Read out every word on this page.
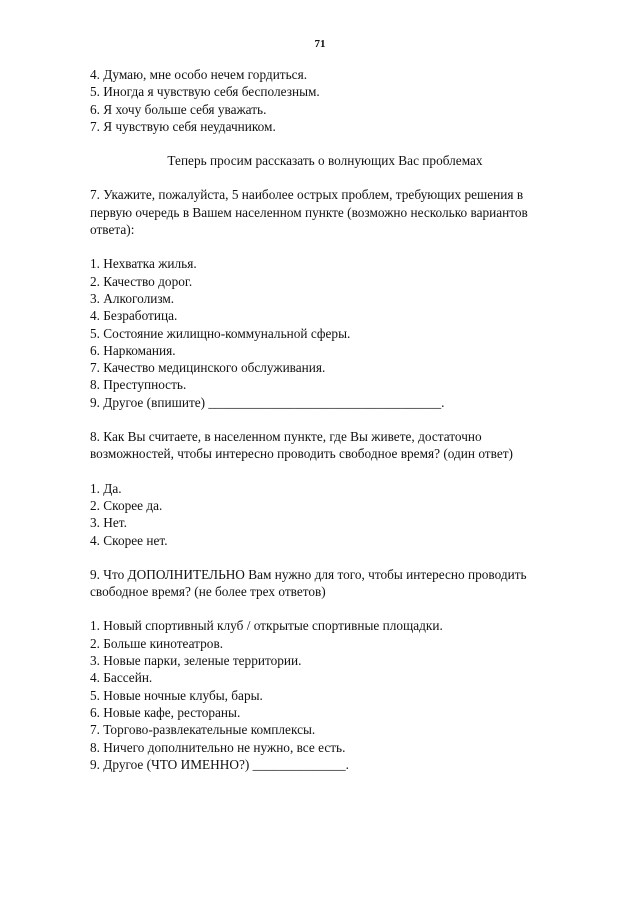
71
4. Думаю, мне особо нечем гордиться.
5. Иногда я чувствую себя бесполезным.
6. Я хочу больше себя уважать.
7. Я чувствую себя неудачником.
Теперь просим рассказать о волнующих Вас проблемах
7. Укажите, пожалуйста, 5 наиболее острых проблем, требующих решения в
первую очередь в Вашем населенном пункте (возможно несколько вариантов
ответа):
1. Нехватка жилья.
2. Качество дорог.
3. Алкоголизм.
4. Безработица.
5. Состояние жилищно-коммунальной сферы.
6. Наркомания.
7. Качество медицинского обслуживания.
8. Преступность.
9. Другое (впишите) ___________________________________.
8. Как Вы считаете, в населенном пункте, где Вы живете, достаточно
возможностей, чтобы интересно проводить свободное время? (один ответ)
1. Да.
2. Скорее да.
3. Нет.
4. Скорее нет.
9. Что ДОПОЛНИТЕЛЬНО Вам нужно для того, чтобы интересно проводить
свободное время? (не более трех ответов)
1. Новый спортивный клуб / открытые спортивные площадки.
2. Больше кинотеатров.
3. Новые парки, зеленые территории.
4. Бассейн.
5. Новые ночные клубы, бары.
6. Новые кафе, рестораны.
7. Торгово-развлекательные комплексы.
8. Ничего дополнительно не нужно, все есть.
9. Другое (ЧТО ИМЕННО?) ______________.
